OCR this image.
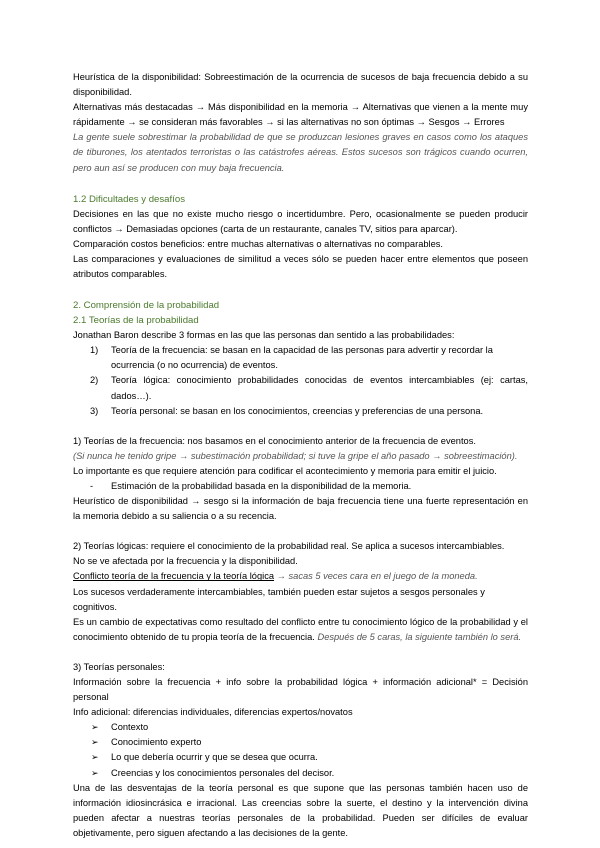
Heurística de la disponibilidad: Sobreestimación de la ocurrencia de sucesos de baja frecuencia debido a su disponibilidad.

Alternativas más destacadas → Más disponibilidad en la memoria → Alternativas que vienen a la mente muy rápidamente → se consideran más favorables → si las alternativas no son óptimas → Sesgos → Errores

La gente suele sobrestimar la probabilidad de que se produzcan lesiones graves en casos como los ataques de tiburones, los atentados terroristas o las catástrofes aéreas. Estos sucesos son trágicos cuando ocurren, pero aun así se producen con muy baja frecuencia.

1.2 Dificultades y desafíos

Decisiones en las que no existe mucho riesgo o incertidumbre. Pero, ocasionalmente se pueden producir conflictos → Demasiadas opciones (carta de un restaurante, canales TV, sitios para aparcar).

Comparación costos beneficios: entre muchas alternativas o alternativas no comparables.

Las comparaciones y evaluaciones de similitud a veces sólo se pueden hacer entre elementos que poseen atributos comparables.

2. Comprensión de la probabilidad
2.1 Teorías de la probabilidad

Jonathan Baron describe 3 formas en las que las personas dan sentido a las probabilidades:

1) Teoría de la frecuencia: se basan en la capacidad de las personas para advertir y recordar la ocurrencia (o no ocurrencia) de eventos.
2) Teoría lógica: conocimiento probabilidades conocidas de eventos intercambiables (ej: cartas, dados…).
3) Teoría personal: se basan en los conocimientos, creencias y preferencias de una persona.

1) Teorías de la frecuencia: nos basamos en el conocimiento anterior de la frecuencia de eventos.

(Si nunca he tenido gripe → subestimación probabilidad; si tuve la gripe el año pasado → sobreestimación).

Lo importante es que requiere atención para codificar el acontecimiento y memoria para emitir el juicio.

- Estimación de la probabilidad basada en la disponibilidad de la memoria.

Heurístico de disponibilidad → sesgo si la información de baja frecuencia tiene una fuerte representación en la memoria debido a su saliencia o a su recencia.

2) Teorías lógicas: requiere el conocimiento de la probabilidad real. Se aplica a sucesos intercambiables.

No se ve afectada por la frecuencia y la disponibilidad.

Conflicto teoría de la frecuencia y la teoría lógica → sacas 5 veces cara en el juego de la moneda.

Los sucesos verdaderamente intercambiables, también pueden estar sujetos a sesgos personales y cognitivos.

Es un cambio de expectativas como resultado del conflicto entre tu conocimiento lógico de la probabilidad y el conocimiento obtenido de tu propia teoría de la frecuencia. Después de 5 caras, la siguiente también lo será.

3) Teorías personales:

Información sobre la frecuencia + info sobre la probabilidad lógica + información adicional* = Decisión personal

Info adicional: diferencias individuales, diferencias expertos/novatos

➢ Contexto
➢ Conocimiento experto
➢ Lo que debería ocurrir y que se desea que ocurra.
➢ Creencias y los conocimientos personales del decisor.

Una de las desventajas de la teoría personal es que supone que las personas también hacen uso de información idiosincrásica e irracional. Las creencias sobre la suerte, el destino y la intervención divina pueden afectar a nuestras teorías personales de la probabilidad. Pueden ser difíciles de evaluar objetivamente, pero siguen afectando a las decisiones de la gente.
